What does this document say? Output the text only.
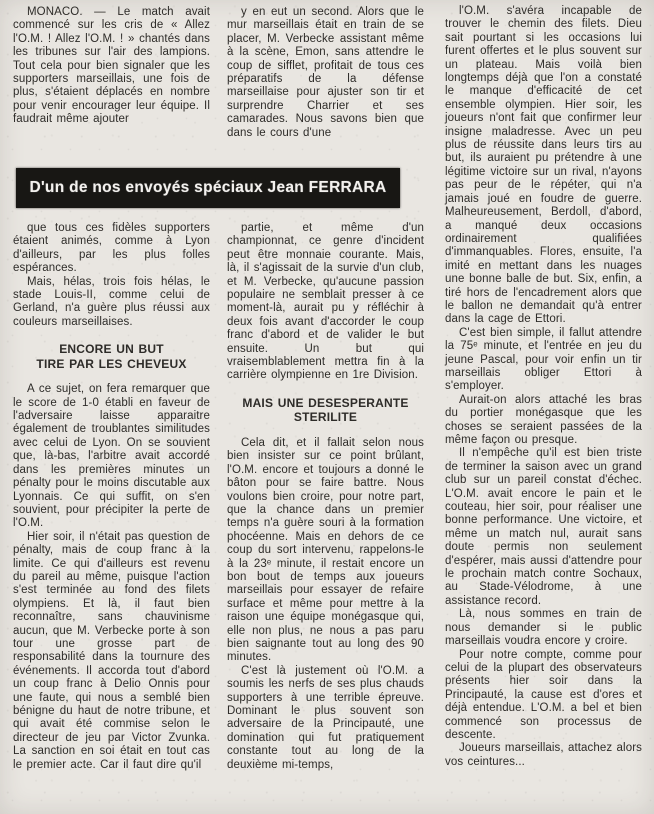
MONACO. — Le match avait commencé sur les cris de « Allez l'O.M. ! Allez l'O.M. ! » chantés dans les tribunes sur l'air des lampions. Tout cela pour bien signaler que les supporters marseillais, une fois de plus, s'étaient déplacés en nombre pour venir encourager leur équipe. Il faudrait même ajouter

y en eut un second. Alors que le mur marseillais était en train de se placer, M. Verbecke assistant même à la scène, Emon, sans attendre le coup de sifflet, profitait de tous ces préparatifs de la défense marseillaise pour ajuster son tir et surprendre Charrier et ses camarades. Nous savons bien que dans le cours d'une

D'un de nos envoyés spéciaux Jean FERRARA

que tous ces fidèles supporters étaient animés, comme à Lyon d'ailleurs, par les plus folles espérances.

Mais, hélas, trois fois hélas, le stade Louis-II, comme celui de Gerland, n'a guère plus réussi aux couleurs marseillaises.

ENCORE UN BUT
TIRE PAR LES CHEVEUX

A ce sujet, on fera remarquer que le score de 1-0 établi en faveur de l'adversaire laisse apparaitre également de troublantes similitudes avec celui de Lyon. On se souvient que, là-bas, l'arbitre avait accordé dans les premières minutes un pénalty pour le moins discutable aux Lyonnais. Ce qui suffit, on s'en souvient, pour précipiter la perte de l'O.M.

Hier soir, il n'était pas question de pénalty, mais de coup franc à la limite. Ce qui d'ailleurs est revenu du pareil au même, puisque l'action s'est terminée au fond des filets olympiens. Et là, il faut bien reconnaître, sans chauvinisme aucun, que M. Verbecke porte à son tour une grosse part de responsabilité dans la tournure des événements. Il accorda tout d'abord un coup franc à Delio Onnis pour une faute, qui nous a semblé bien bénigne du haut de notre tribune, et qui avait été commise selon le directeur de jeu par Victor Zvunka. La sanction en soi était en tout cas le premier acte. Car il faut dire qu'il

partie, et même d'un championnat, ce genre d'incident peut être monnaie courante. Mais, là, il s'agissait de la survie d'un club, et M. Verbecke, qu'aucune passion populaire ne semblait presser à ce moment-là, aurait pu y réfléchir à deux fois avant d'accorder le coup franc d'abord et de valider le but ensuite. Un but qui vraisemblablement mettra fin à la carrière olympienne en 1re Division.

MAIS UNE DESESPERANTE
STERILITE

Cela dit, et il fallait selon nous bien insister sur ce point brûlant, l'O.M. encore et toujours a donné le bâton pour se faire battre. Nous voulons bien croire, pour notre part, que la chance dans un premier temps n'a guère souri à la formation phocéenne. Mais en dehors de ce coup du sort intervenu, rappelons-le à la 23ᵉ minute, il restait encore un bon bout de temps aux joueurs marseillais pour essayer de refaire surface et même pour mettre à la raison une équipe monégasque qui, elle non plus, ne nous a pas paru bien saignante tout au long des 90 minutes.

C'est là justement où l'O.M. a soumis les nerfs de ses plus chauds supporters à une terrible épreuve. Dominant le plus souvent son adversaire de la Principauté, une domination qui fut pratiquement constante tout au long de la deuxième mi-temps,

l'O.M. s'avéra incapable de trouver le chemin des filets. Dieu sait pourtant si les occasions lui furent offertes et le plus souvent sur un plateau. Mais voilà bien longtemps déjà que l'on a constaté le manque d'efficacité de cet ensemble olympien. Hier soir, les joueurs n'ont fait que confirmer leur insigne maladresse. Avec un peu plus de réussite dans leurs tirs au but, ils auraient pu prétendre à une légitime victoire sur un rival, n'ayons pas peur de le répéter, qui n'a jamais joué en foudre de guerre. Malheureusement, Berdoll, d'abord, a manqué deux occasions ordinairement qualifiées d'immanquables. Flores, ensuite, l'a imité en mettant dans les nuages une bonne balle de but. Six, enfin, a tiré hors de l'encadrement alors que le ballon ne demandait qu'à entrer dans la cage de Ettori.

C'est bien simple, il fallut attendre la 75ᵉ minute, et l'entrée en jeu du jeune Pascal, pour voir enfin un tir marseillais obliger Ettori à s'employer.

Aurait-on alors attaché les bras du portier monégasque que les choses se seraient passées de la même façon ou presque.

Il n'empêche qu'il est bien triste de terminer la saison avec un grand club sur un pareil constat d'échec. L'O.M. avait encore le pain et le couteau, hier soir, pour réaliser une bonne performance. Une victoire, et même un match nul, aurait sans doute permis non seulement d'espérer, mais aussi d'attendre pour le prochain match contre Sochaux, au Stade-Vélodrome, à une assistance record.

Là, nous sommes en train de nous demander si le public marseillais voudra encore y croire.

Pour notre compte, comme pour celui de la plupart des observateurs présents hier soir dans la Principauté, la cause est d'ores et déjà entendue. L'O.M. a bel et bien commencé son processus de descente.

Joueurs marseillais, attachez alors vos ceintures...
